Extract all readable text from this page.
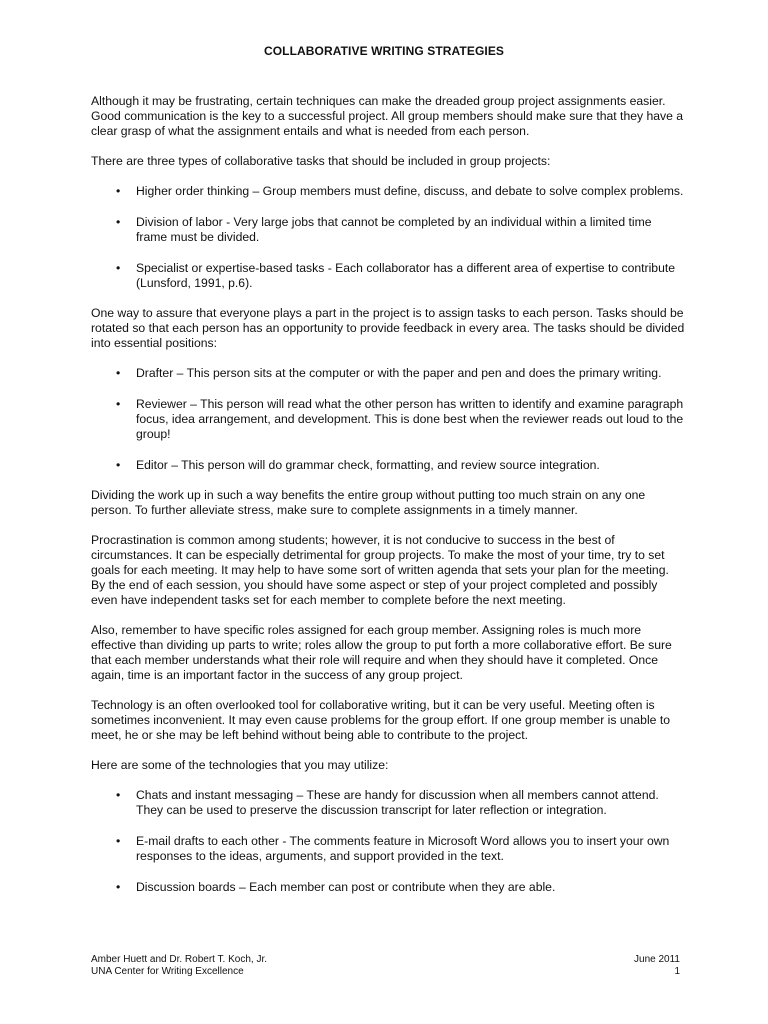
COLLABORATIVE WRITING STRATEGIES

Although it may be frustrating, certain techniques can make the dreaded group project assignments easier. Good communication is the key to a successful project. All group members should make sure that they have a clear grasp of what the assignment entails and what is needed from each person.

There are three types of collaborative tasks that should be included in group projects:

• Higher order thinking – Group members must define, discuss, and debate to solve complex problems.
• Division of labor - Very large jobs that cannot be completed by an individual within a limited time frame must be divided.
• Specialist or expertise-based tasks - Each collaborator has a different area of expertise to contribute (Lunsford, 1991, p.6).

One way to assure that everyone plays a part in the project is to assign tasks to each person. Tasks should be rotated so that each person has an opportunity to provide feedback in every area. The tasks should be divided into essential positions:

• Drafter – This person sits at the computer or with the paper and pen and does the primary writing.
• Reviewer – This person will read what the other person has written to identify and examine paragraph focus, idea arrangement, and development. This is done best when the reviewer reads out loud to the group!
• Editor – This person will do grammar check, formatting, and review source integration.

Dividing the work up in such a way benefits the entire group without putting too much strain on any one person. To further alleviate stress, make sure to complete assignments in a timely manner.

Procrastination is common among students; however, it is not conducive to success in the best of circumstances. It can be especially detrimental for group projects. To make the most of your time, try to set goals for each meeting. It may help to have some sort of written agenda that sets your plan for the meeting. By the end of each session, you should have some aspect or step of your project completed and possibly even have independent tasks set for each member to complete before the next meeting.

Also, remember to have specific roles assigned for each group member. Assigning roles is much more effective than dividing up parts to write; roles allow the group to put forth a more collaborative effort. Be sure that each member understands what their role will require and when they should have it completed. Once again, time is an important factor in the success of any group project.

Technology is an often overlooked tool for collaborative writing, but it can be very useful. Meeting often is sometimes inconvenient. It may even cause problems for the group effort. If one group member is unable to meet, he or she may be left behind without being able to contribute to the project.

Here are some of the technologies that you may utilize:

• Chats and instant messaging – These are handy for discussion when all members cannot attend. They can be used to preserve the discussion transcript for later reflection or integration.
• E-mail drafts to each other - The comments feature in Microsoft Word allows you to insert your own responses to the ideas, arguments, and support provided in the text.
• Discussion boards – Each member can post or contribute when they are able.
Amber Huett and Dr. Robert T. Koch, Jr.
UNA Center for Writing Excellence
June 2011
1
